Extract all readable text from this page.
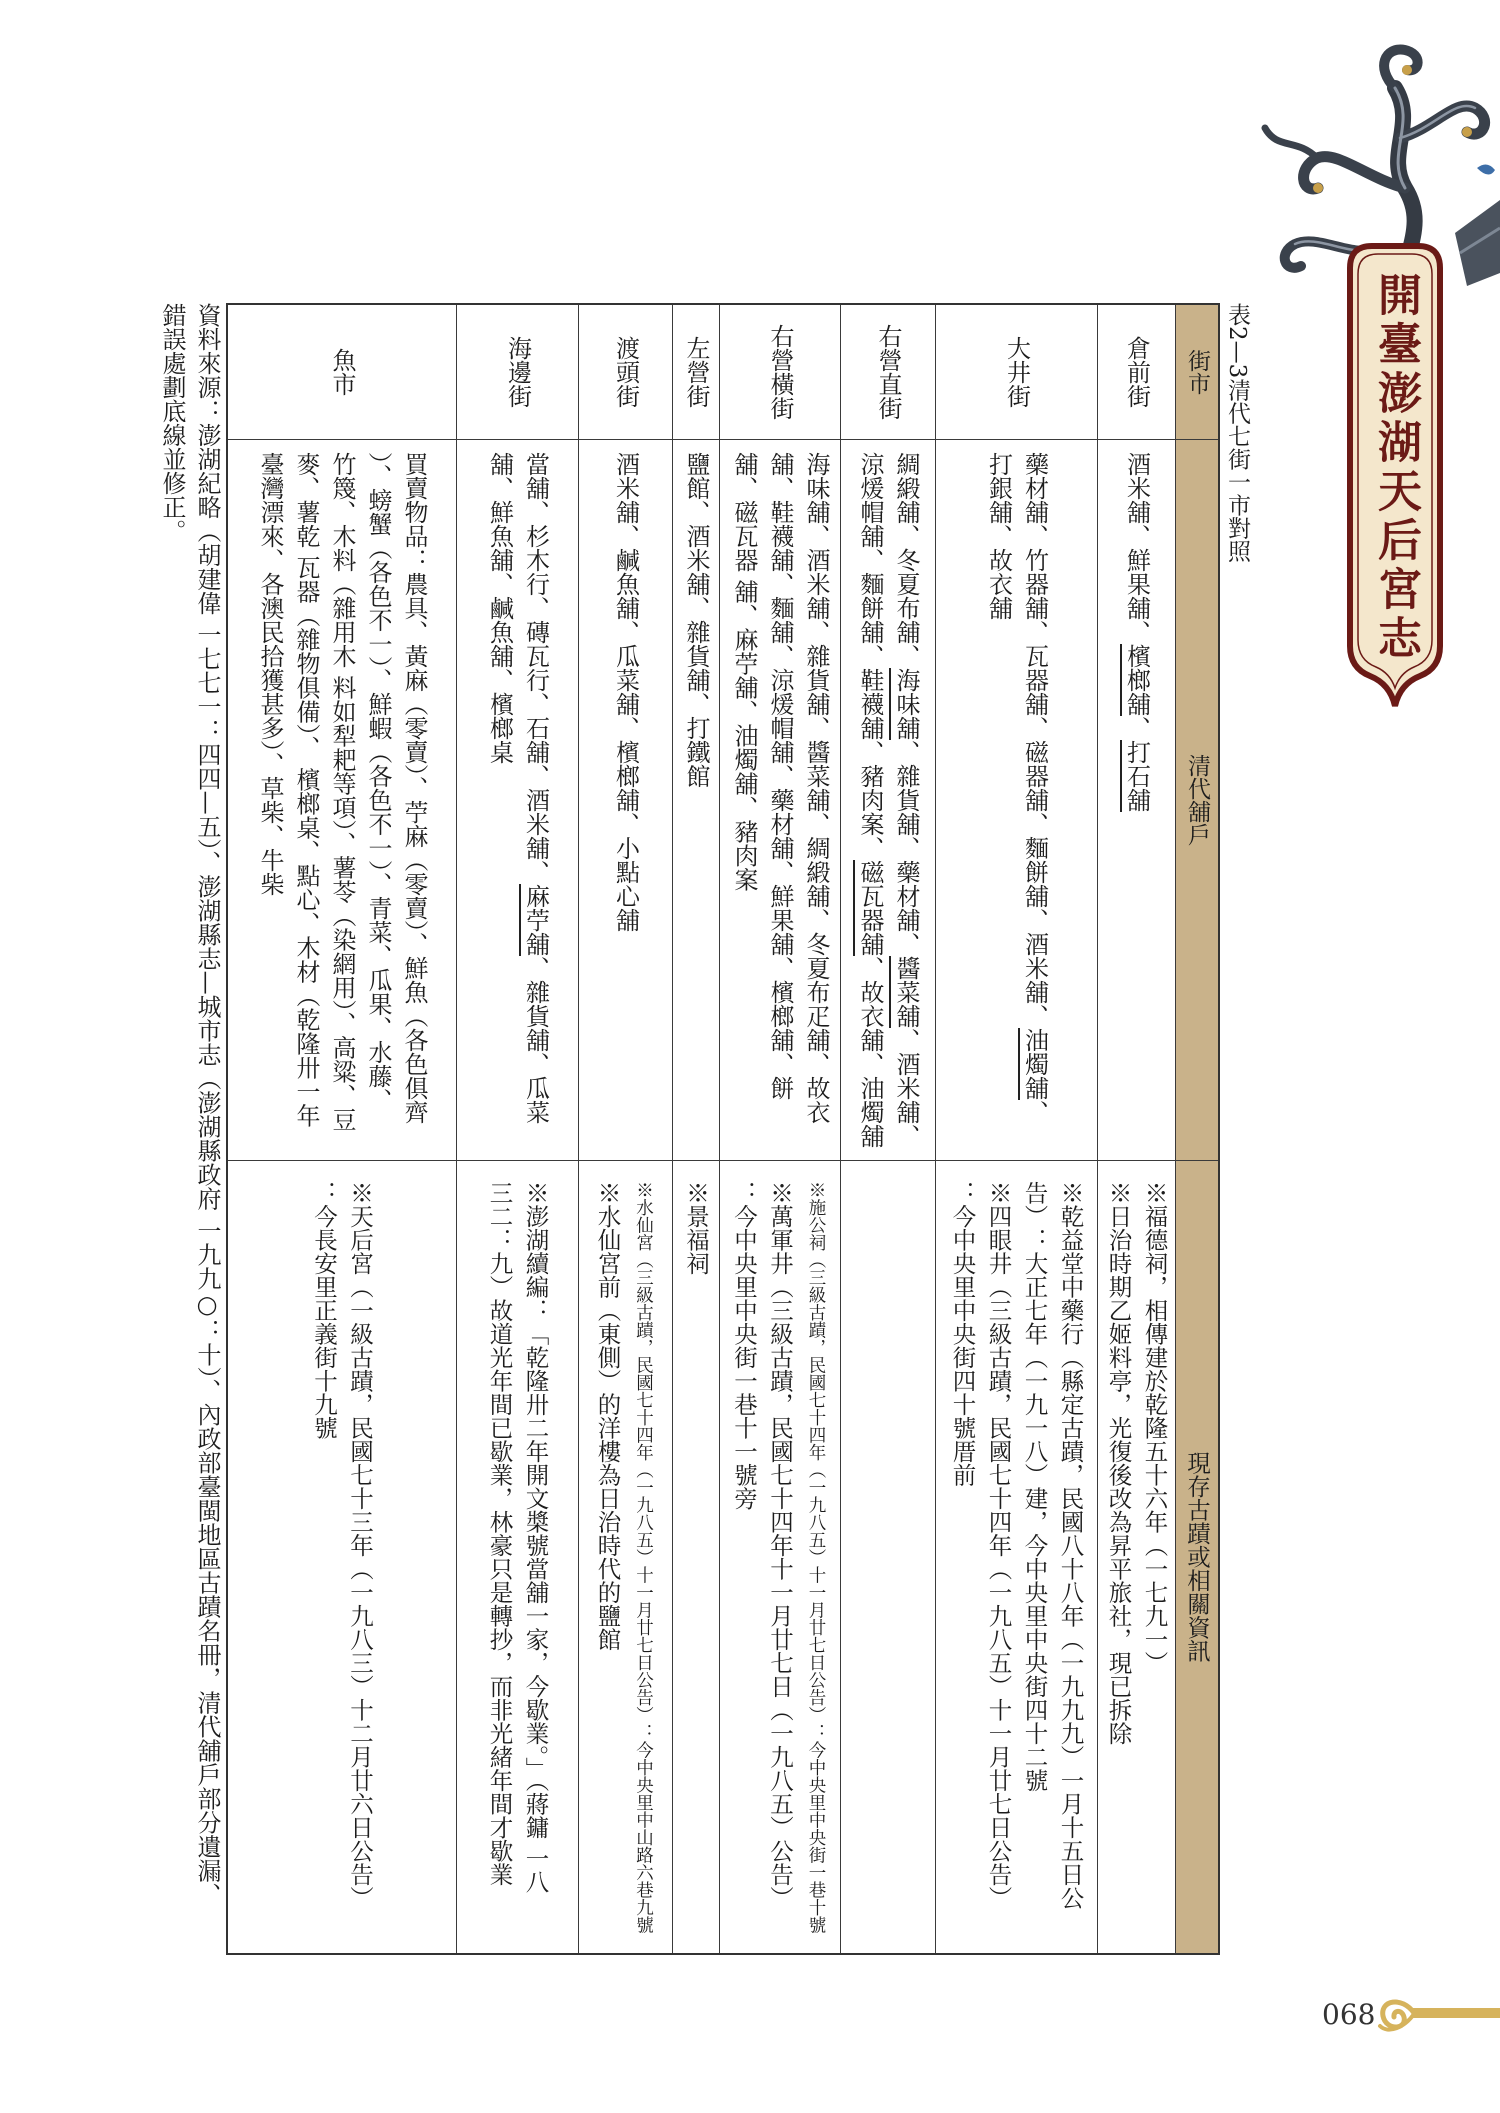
開臺澎湖天后宮志
表2—3清代七街一市對照
街市
清代舖戶
現存古蹟或相關資訊
倉前街
酒米舖、鮮果舖、檳榔舖、打石舖
※福德祠，相傳建於乾隆五十六年（一七九一）
※日治時期乙姬料亭，光復後改為昇平旅社，現已拆除
大井街
藥材舖、竹器舖、瓦器舖、磁器舖、麵餅舖、酒米舖、油燭舖、
打銀舖、故衣舖
※乾益堂中藥行（縣定古蹟，民國八十八年（一九九九）一月十五日公
告）：大正七年（一九一八）建，今中央里中央街四十二號
※四眼井（三級古蹟，民國七十四年（一九八五）十一月廿七日公告）
：今中央里中央街四十號厝前
右營直街
綢緞舖、冬夏布舖、海味舖、雜貨舖、藥材舖、醬菜舖、酒米舖、
涼煖帽舖、麵餅舖、鞋襪舖、豬肉案、磁瓦器舖、故衣舖、油燭舖
右營橫街
海味舖、酒米舖、雜貨舖、醬菜舖、綢緞舖、冬夏布疋舖、故衣
舖、鞋襪舖、麵舖、涼煖帽舖、藥材舖、鮮果舖、檳榔舖、餅
舖、磁瓦器 舖、麻苧舖、油燭舖、豬肉案
※施公祠（三級古蹟，民國七十四年（一九八五）十一月廿七日公告）：今中央里中央街一巷十號
※萬軍井（三級古蹟，民國七十四年十一月廿七日（一九八五）公告）
：今中央里中央街一巷十一號旁
左營街
鹽館、酒米舖、雜貨舖、打鐵館
※景福祠
渡頭街
酒米舖、鹹魚舖、瓜菜舖、檳榔舖、小點心舖
※水仙宮（三級古蹟，民國七十四年（一九八五）十一月廿七日公告）：今中央里中山路六巷九號
※水仙宮前（東側）的洋樓為日治時代的鹽館
海邊街
當舖、杉木行、磚瓦行、石舖、酒米舖、麻苧舖、雜貨舖、瓜菜
舖、鮮魚舖、鹹魚舖、檳榔桌
※澎湖續編：「乾隆卅二年開文槳號當舖一家，今歇業。」（蔣鏞 一八
三二：九）故道光年間已歇業，林豪只是轉抄，而非光緒年間才歇業
魚市
買賣物品：農具、黃麻（零賣）、苧麻（零賣）、鮮魚（各色俱齊
）、螃蟹（各色不一）、鮮蝦（各色不一）、青菜、瓜果、水藤、
竹篾、木料（雜用木 料如犁耙等項）、薯苓（染網用）、高粱、豆
麥、薯乾 瓦器（雜物俱備）、 檳榔桌、點心、木材（乾隆卅一年
臺灣漂來、各澳民拾獲甚多）、草柴、牛柴
※天后宮（一級古蹟，民國七十三年（一九八三）十二月廿六日公告）
：今長安里正義街十九號
資料來源：澎湖紀略（胡建偉 一七七一：四四—五）、澎湖縣志—城市志（澎湖縣政府 一九九○：十）、內政部臺閩地區古蹟名冊，清代舖戶部分遺漏、
錯誤處劃底線並修正。
068
